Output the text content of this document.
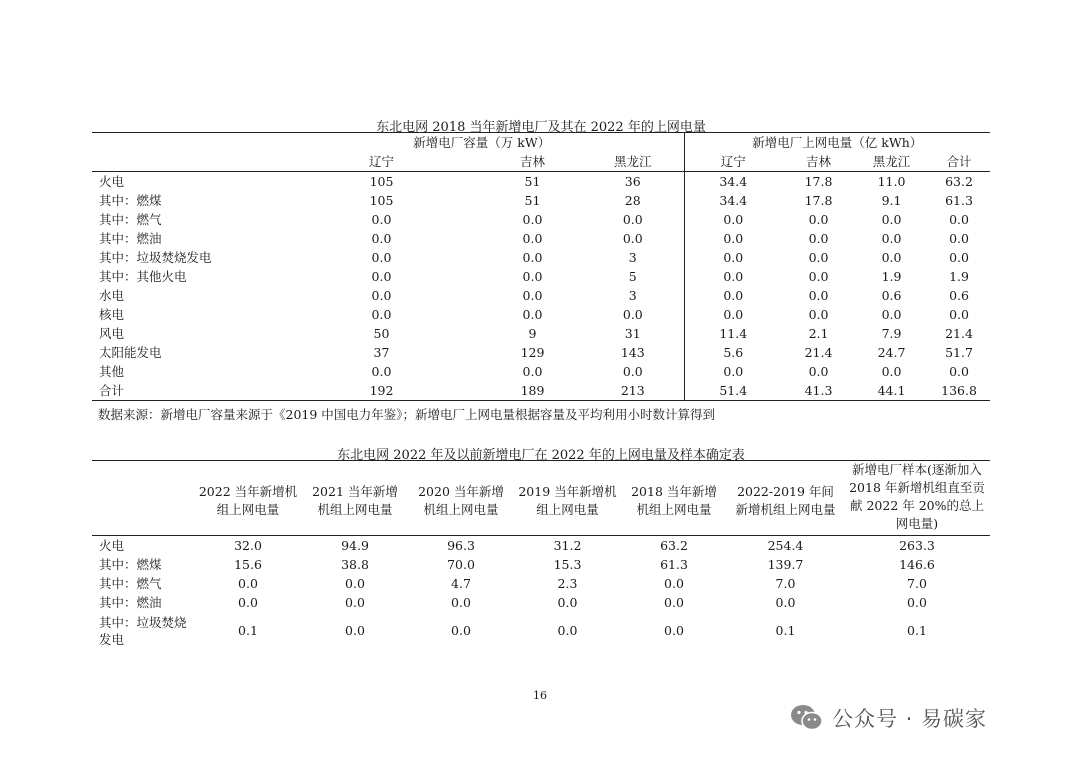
东北电网 2018 当年新增电厂及其在 2022 年的上网电量
	新增电厂容量（万 kW）			新增电厂上网电量（亿 kWh）			
	辽宁	吉林	黑龙江	辽宁	吉林	黑龙江	合计
火电	105	51	36	34.4	17.8	11.0	63.2
其中：燃煤	105	51	28	34.4	17.8	9.1	61.3
其中：燃气	0.0	0.0	0.0	0.0	0.0	0.0	0.0
其中：燃油	0.0	0.0	0.0	0.0	0.0	0.0	0.0
其中：垃圾焚烧发电	0.0	0.0	3	0.0	0.0	0.0	0.0
其中：其他火电	0.0	0.0	5	0.0	0.0	1.9	1.9
水电	0.0	0.0	3	0.0	0.0	0.6	0.6
核电	0.0	0.0	0.0	0.0	0.0	0.0	0.0
风电	50	9	31	11.4	2.1	7.9	21.4
太阳能发电	37	129	143	5.6	21.4	24.7	51.7
其他	0.0	0.0	0.0	0.0	0.0	0.0	0.0
合计	192	189	213	51.4	41.3	44.1	136.8
数据来源：新增电厂容量来源于《2019 中国电力年鉴》；新增电厂上网电量根据容量及平均利用小时数计算得到
东北电网 2022 年及以前新增电厂在 2022 年的上网电量及样本确定表
	2022 当年新增机组上网电量	2021 当年新增机组上网电量	2020 当年新增机组上网电量	2019 当年新增机组上网电量	2018 当年新增机组上网电量	2022-2019 年间新增机组上网电量	新增电厂样本(逐渐加入 2018 年新增机组直至贡献 2022 年 20%的总上网电量)
火电	32.0	94.9	96.3	31.2	63.2	254.4	263.3
其中：燃煤	15.6	38.8	70.0	15.3	61.3	139.7	146.6
其中：燃气	0.0	0.0	4.7	2.3	0.0	7.0	7.0
其中：燃油	0.0	0.0	0.0	0.0	0.0	0.0	0.0
其中：垃圾焚烧发电	0.1	0.0	0.0	0.0	0.0	0.1	0.1
16
公众号 · 易碳家
